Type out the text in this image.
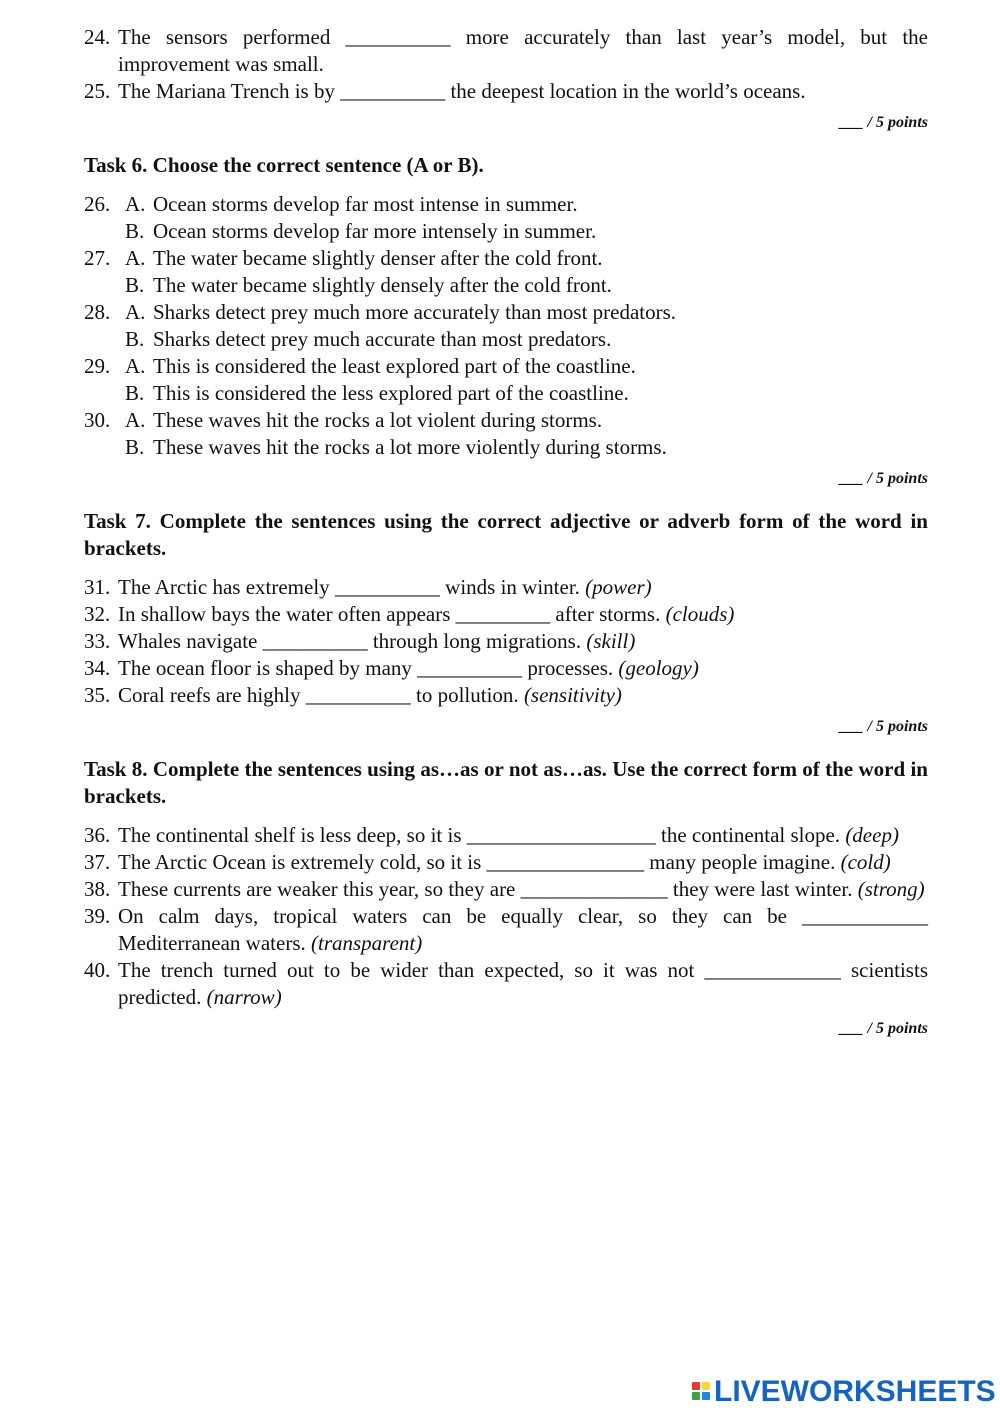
24. The sensors performed __________ more accurately than last year’s model, but the improvement was small.
25. The Mariana Trench is by __________ the deepest location in the world’s oceans.
___ / 5 points
Task 6. Choose the correct sentence (A or B).
26. A. Ocean storms develop far most intense in summer.
B. Ocean storms develop far more intensely in summer.
27. A. The water became slightly denser after the cold front.
B. The water became slightly densely after the cold front.
28. A. Sharks detect prey much more accurately than most predators.
B. Sharks detect prey much accurate than most predators.
29. A. This is considered the least explored part of the coastline.
B. This is considered the less explored part of the coastline.
30. A. These waves hit the rocks a lot violent during storms.
B. These waves hit the rocks a lot more violently during storms.
___ / 5 points
Task 7. Complete the sentences using the correct adjective or adverb form of the word in brackets.
31. The Arctic has extremely __________ winds in winter. (power)
32. In shallow bays the water often appears _________ after storms. (clouds)
33. Whales navigate __________ through long migrations. (skill)
34. The ocean floor is shaped by many __________ processes. (geology)
35. Coral reefs are highly __________ to pollution. (sensitivity)
___ / 5 points
Task 8. Complete the sentences using as…as or not as…as. Use the correct form of the word in brackets.
36. The continental shelf is less deep, so it is __________________ the continental slope. (deep)
37. The Arctic Ocean is extremely cold, so it is _______________ many people imagine. (cold)
38. These currents are weaker this year, so they are ______________ they were last winter. (strong)
39. On calm days, tropical waters can be equally clear, so they can be ____________ Mediterranean waters. (transparent)
40. The trench turned out to be wider than expected, so it was not _____________ scientists predicted. (narrow)
___ / 5 points
LIVEWORKSHEETS
